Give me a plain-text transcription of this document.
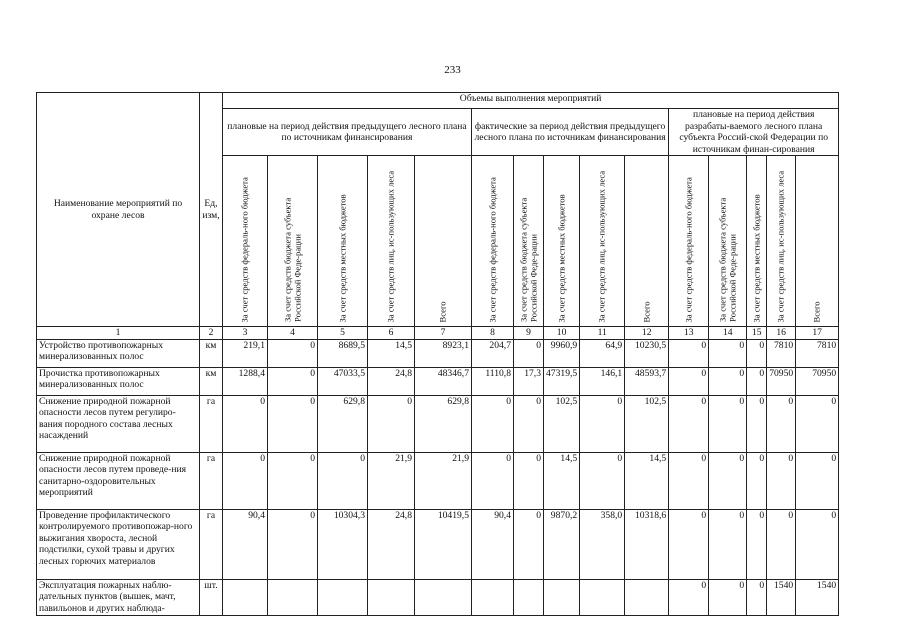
233
Наименование мероприятий по охране лесов	Ед, изм,	Объемы выполнения мероприятий														
		плановые на период действия предыдущего лесного плана по источникам финансирования					фактические за период действия предыдущего лесного плана по источникам финансирования					плановые на период действия разрабаты-ваемого лесного плана субъекта Россий-ской Федерации по источникам финан-сирования				

		За счет средств федераль-ного бюджета	За счет средств бюджета субъекта Российской Феде-рации	За счет средств местных бюджетов	За счет средств лиц, ис-пользующих леса	Всего	За счет средств федераль-ного бюджета	За счет средств бюджета субъекта Российской Феде-рации	За счет средств местных бюджетов	За счет средств лиц, ис-пользующих леса	Всего	За счет средств федераль-ного бюджета	За счет средств бюджета субъекта Российской Феде-рации	За счет средств местных бюджетов	За счет средств лиц, ис-пользующих леса	Всего

1	2	3	4	5	6	7	8	9	10	11	12	13	14	15	16	17
Устройство противопожарных минерализованных полос	км	219,1	0	8689,5	14,5	8923,1	204,7	0	9960,9	64,9	10230,5	0	0	0	7810	7810
Прочистка противопожарных минерализованных полос	км	1288,4	0	47033,5	24,8	48346,7	1110,8	17,3	47319,5	146,1	48593,7	0	0	0	70950	70950
Снижение природной пожарной опасности лесов путем регулиро-вания породного состава лесных насаждений	га	0	0	629,8	0	629,8	0	0	102,5	0	102,5	0	0	0	0	0
Снижение природной пожарной опасности лесов путем проведе-ния санитарно-оздоровительных мероприятий	га	0	0	0	21,9	21,9	0	0	14,5	0	14,5	0	0	0	0	0
Проведение профилактического контролируемого противопожар-ного выжигания хвороста, лесной подстилки, сухой травы и других лесных горючих материалов	га	90,4	0	10304,3	24,8	10419,5	90,4	0	9870,2	358,0	10318,6	0	0	0	0	0
Эксплуатация пожарных наблю-дательных пунктов (вышек, мачт, павильонов и других наблюда-	шт.											0	0	0	1540	1540
